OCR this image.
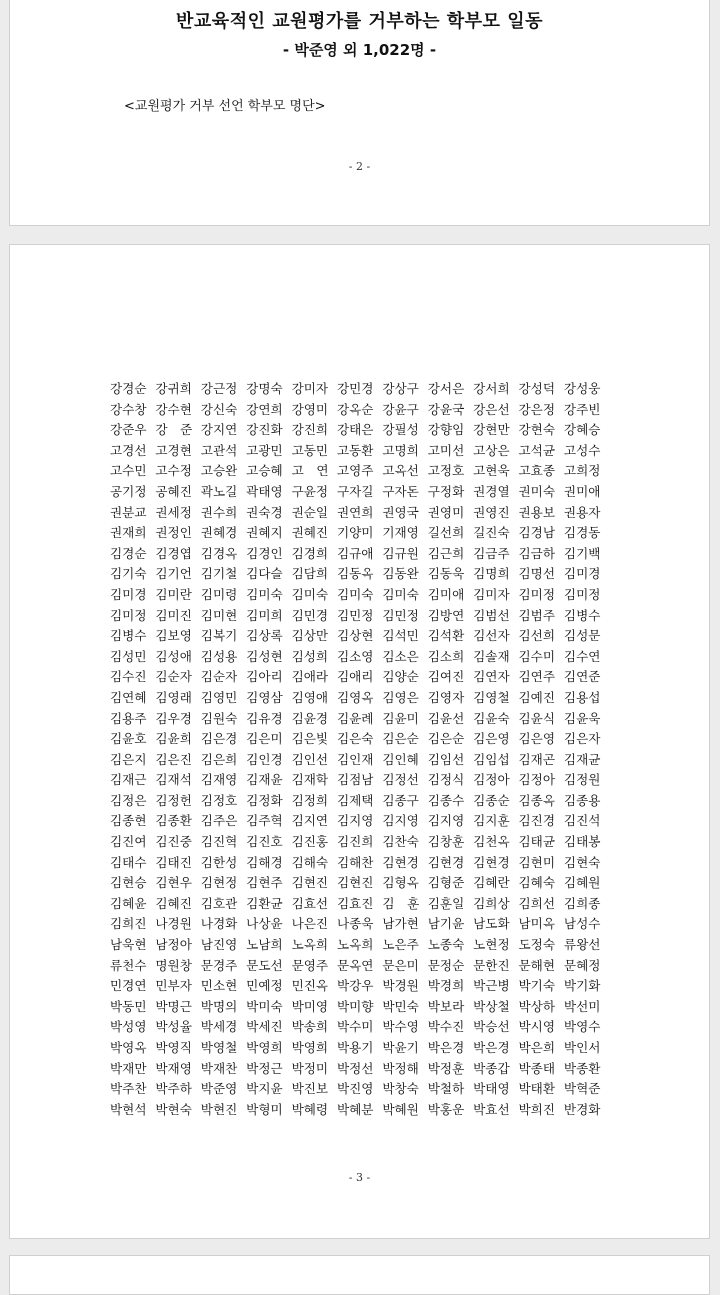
반교육적인 교원평가를 거부하는 학부모 일동
- 박준영 외 1,022명 -
<교원평가 거부 선언 학부모 명단>
- 2 -
강경순 강귀희 강근정 강명숙 강미자 강민경 강상구 강서은 강서희 강성덕 강성웅
강수창 강수현 강신숙 강연희 강영미 강옥순 강윤구 강윤국 강은선 강은정 강주빈
강준우 강　준 강지연 강진화 강진희 강태은 강필성 강향임 강현만 강현숙 강혜승
고경선 고경현 고관석 고광민 고동민 고동환 고명희 고미선 고상은 고석균 고성수
고수민 고수정 고승완 고승혜 고　연 고영주 고옥선 고정호 고현욱 고효종 고희정
공기정 공혜진 곽노길 곽태영 구윤정 구자길 구자돈 구정화 권경열 권미숙 권미애
권분교 권세정 권수희 권숙경 권순일 권연희 권영국 권영미 권영진 권용보 권용자
권재희 권정인 권혜경 권혜지 권혜진 기양미 기재영 길선희 길진숙 김경남 김경동
김경순 김경엽 김경옥 김경인 김경희 김규애 김규원 김근희 김금주 김금하 김기백
김기숙 김기언 김기철 김다슬 김담희 김동옥 김동완 김동욱 김명희 김명선 김미경
김미경 김미란 김미령 김미숙 김미숙 김미숙 김미숙 김미애 김미자 김미정 김미정
김미정 김미진 김미현 김미희 김민경 김민정 김민정 김방연 김범선 김범주 김병수
김병수 김보영 김복기 김상록 김상만 김상현 김석민 김석환 김선자 김선희 김성문
김성민 김성애 김성용 김성현 김성희 김소영 김소은 김소희 김솔재 김수미 김수연
김수진 김순자 김순자 김아리 김애라 김애리 김양순 김여진 김연자 김연주 김연준
김연혜 김영래 김영민 김영삼 김영애 김영옥 김영은 김영자 김영철 김예진 김용섭
김용주 김우경 김원숙 김유경 김윤경 김윤례 김윤미 김윤선 김윤숙 김윤식 김윤욱
김윤호 김윤희 김은경 김은미 김은빛 김은숙 김은순 김은순 김은영 김은영 김은자
김은지 김은진 김은희 김인경 김인선 김인재 김인혜 김임선 김임섭 김재곤 김재균
김재근 김재석 김재영 김재윤 김재학 김점남 김정선 김정식 김정아 김정아 김정원
김정은 김정헌 김정호 김정화 김정희 김제택 김종구 김종수 김종순 김종옥 김종용
김종현 김종환 김주은 김주혁 김지연 김지영 김지영 김지영 김지훈 김진경 김진석
김진여 김진중 김진혁 김진호 김진홍 김진희 김찬숙 김창훈 김천옥 김태균 김태봉
김태수 김태진 김한성 김해경 김해숙 김해찬 김현경 김현경 김현경 김현미 김현숙
김현승 김현우 김현정 김현주 김현진 김현진 김형옥 김형준 김혜란 김혜숙 김혜원
김혜윤 김혜진 김호관 김환균 김효선 김효진 김　훈 김훈일 김희상 김희선 김희종
김희진 나경원 나경화 나상윤 나은진 나종욱 남가현 남기윤 남도화 남미옥 남성수
남욱현 남정아 남진영 노남희 노옥희 노옥희 노은주 노종숙 노현정 도정숙 류왕선
류천수 명원창 문경주 문도선 문영주 문옥연 문은미 문정순 문한진 문해현 문혜정
민경연 민부자 민소현 민예정 민진옥 박강우 박경원 박경희 박근병 박기숙 박기화
박동민 박명근 박명의 박미숙 박미영 박미향 박민숙 박보라 박상철 박상하 박선미
박성영 박성율 박세경 박세진 박송희 박수미 박수영 박수진 박승선 박시영 박영수
박영옥 박영직 박영철 박영희 박영희 박용기 박윤기 박은경 박은경 박은희 박인서
박재만 박재영 박재찬 박정근 박정미 박정선 박정해 박정훈 박종갑 박종태 박종환
박주찬 박주하 박준영 박지윤 박진보 박진영 박창숙 박철하 박태영 박태환 박혁준
박현석 박현숙 박현진 박형미 박혜령 박혜분 박혜원 박홍운 박효선 박희진 반경화
- 3 -
